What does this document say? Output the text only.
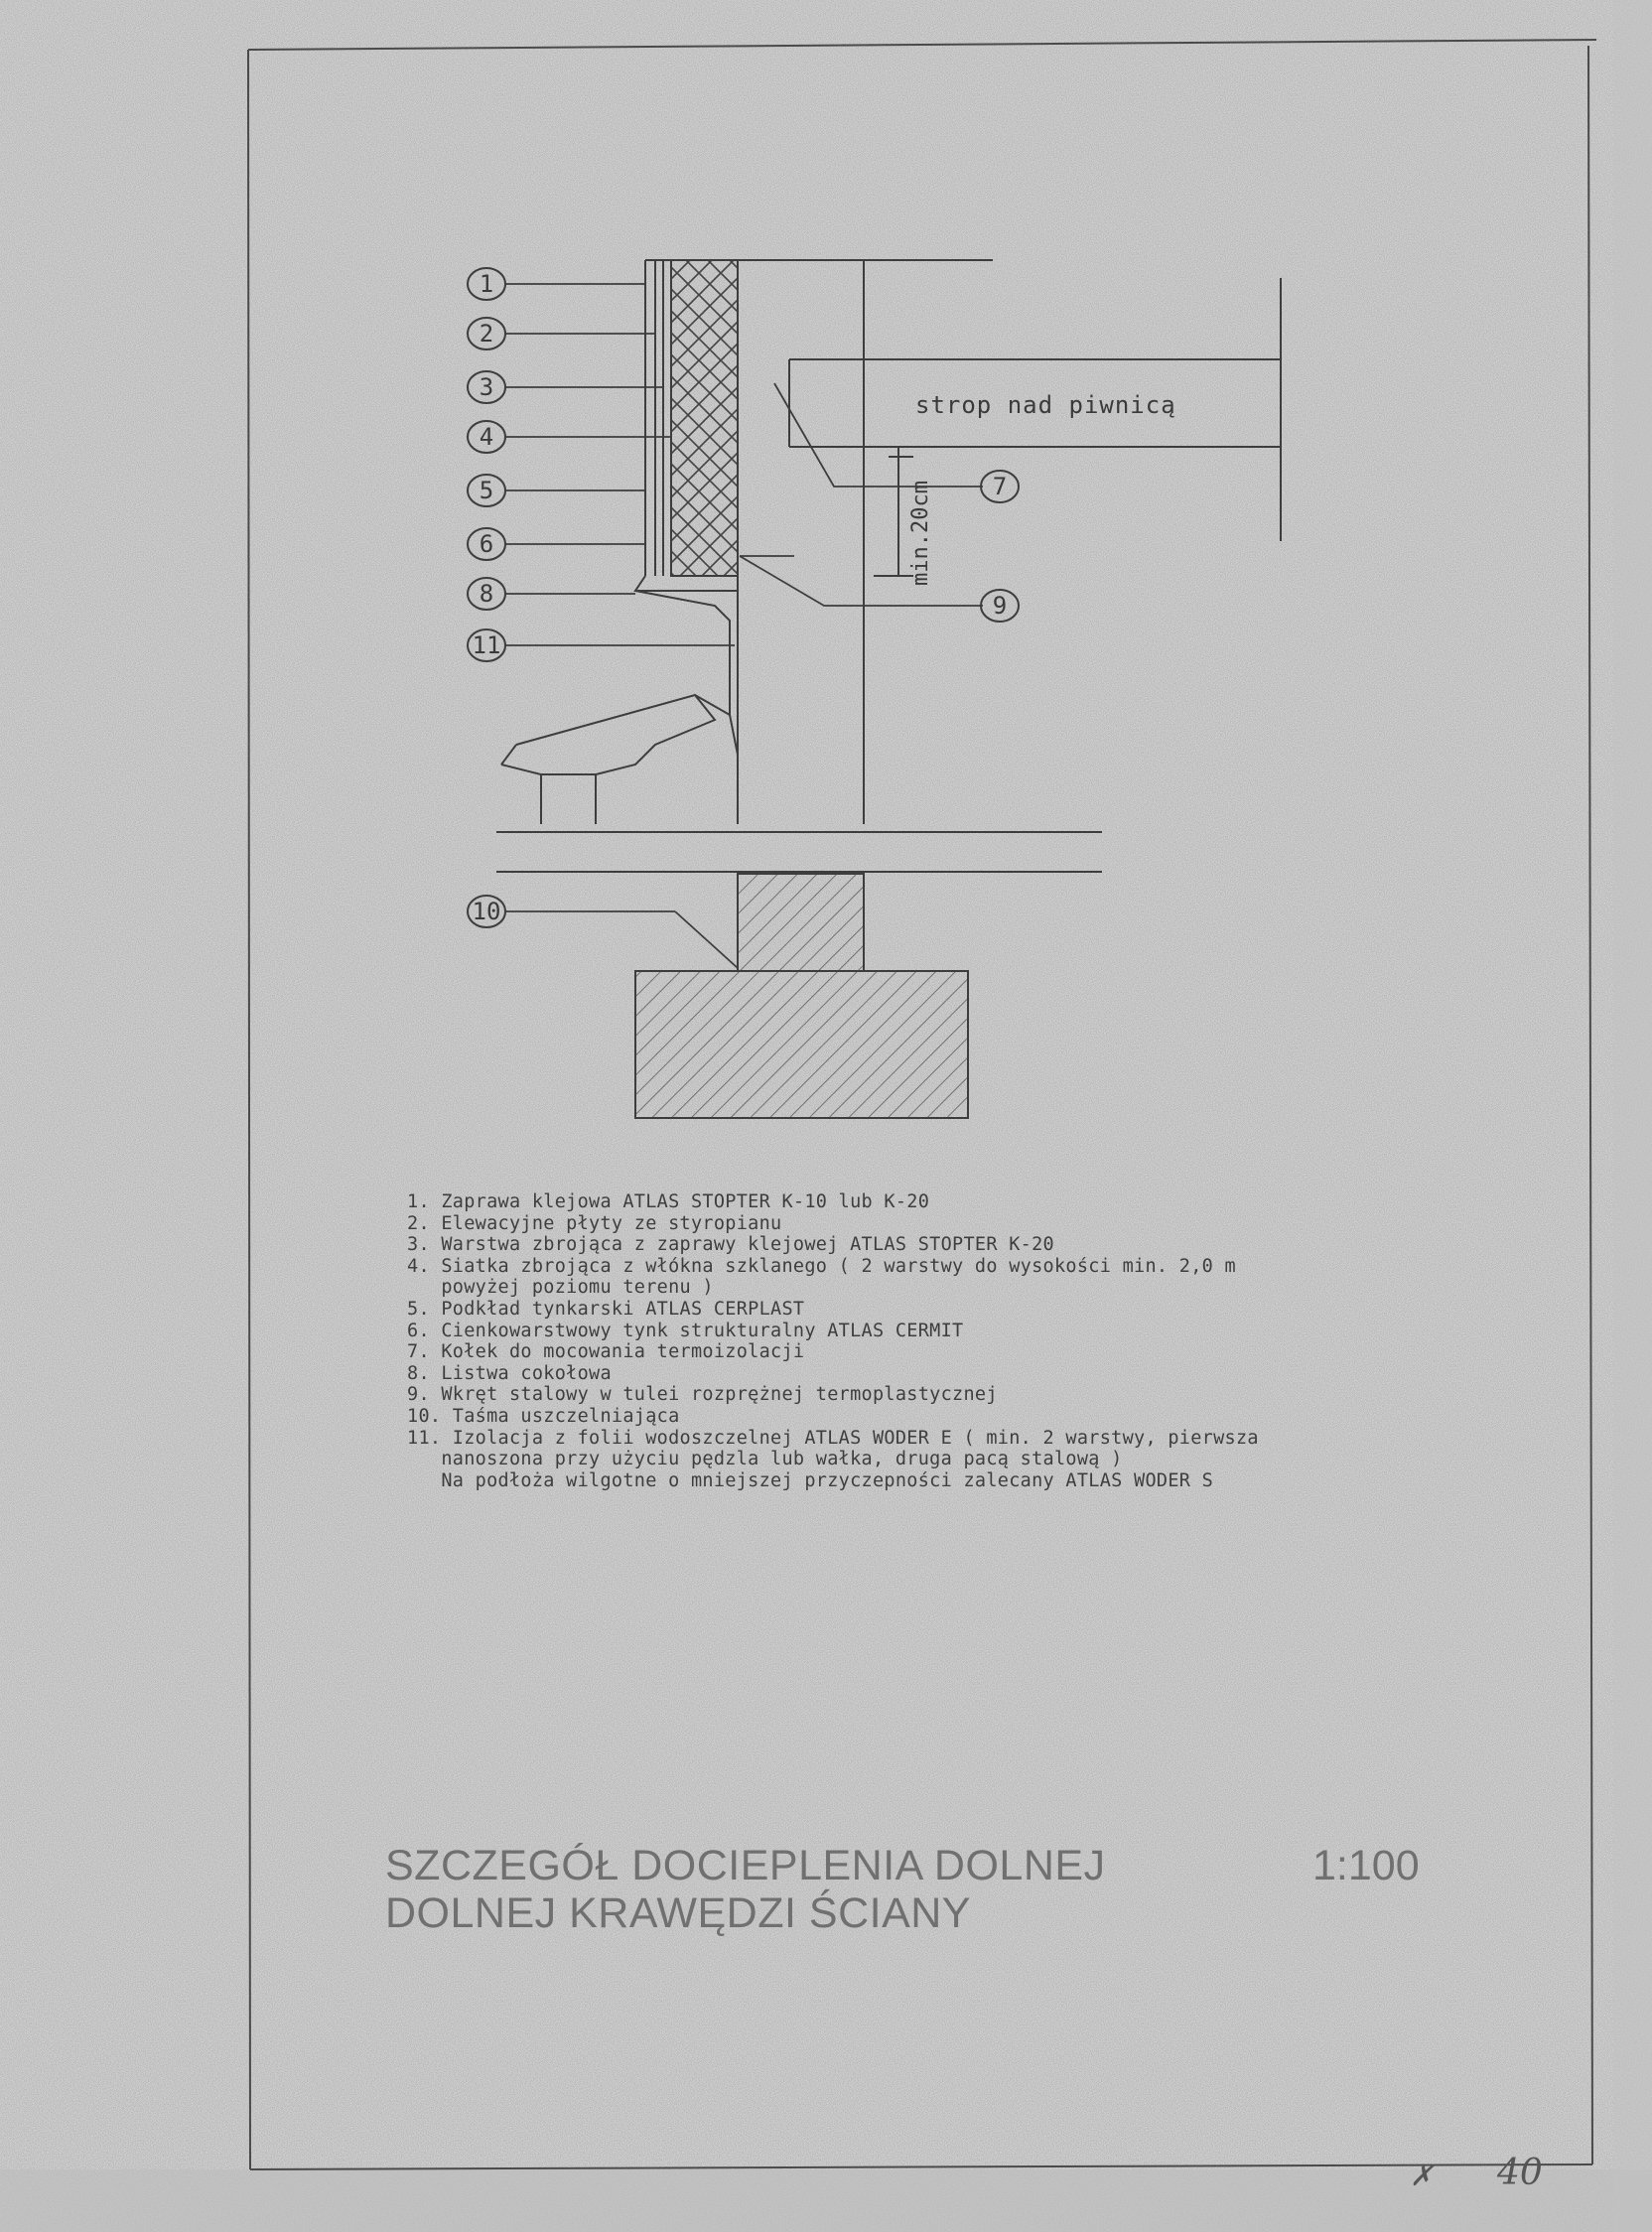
min.20cm
strop nad piwnicą
1
2
3
4
5
6
8
11
7
9
10

1. Zaprawa klejowa ATLAS STOPTER K-10 lub K-20

2. Elewacyjne płyty ze styropianu

3. Warstwa zbrojąca z zaprawy klejowej ATLAS STOPTER K-20

4. Siatka zbrojąca z włókna szklanego ( 2 warstwy do wysokości min. 2,0 m

powyżej poziomu terenu )

5. Podkład tynkarski ATLAS CERPLAST

6. Cienkowarstwowy tynk strukturalny ATLAS CERMIT

7. Kołek do mocowania termoizolacji

8. Listwa cokołowa

9. Wkręt stalowy w tulei rozprężnej termoplastycznej

10. Taśma uszczelniająca

11. Izolacja z folii wodoszczelnej ATLAS WODER E ( min. 2 warstwy, pierwsza

nanoszona przy użyciu pędzla lub wałka, druga pacą stalową )

Na podłoża wilgotne o mniejszej przyczepności zalecany ATLAS WODER S

SZCZEGÓŁ DOCIEPLENIA DOLNEJ

DOLNEJ KRAWĘDZI ŚCIANY

1:100

✗ 40
